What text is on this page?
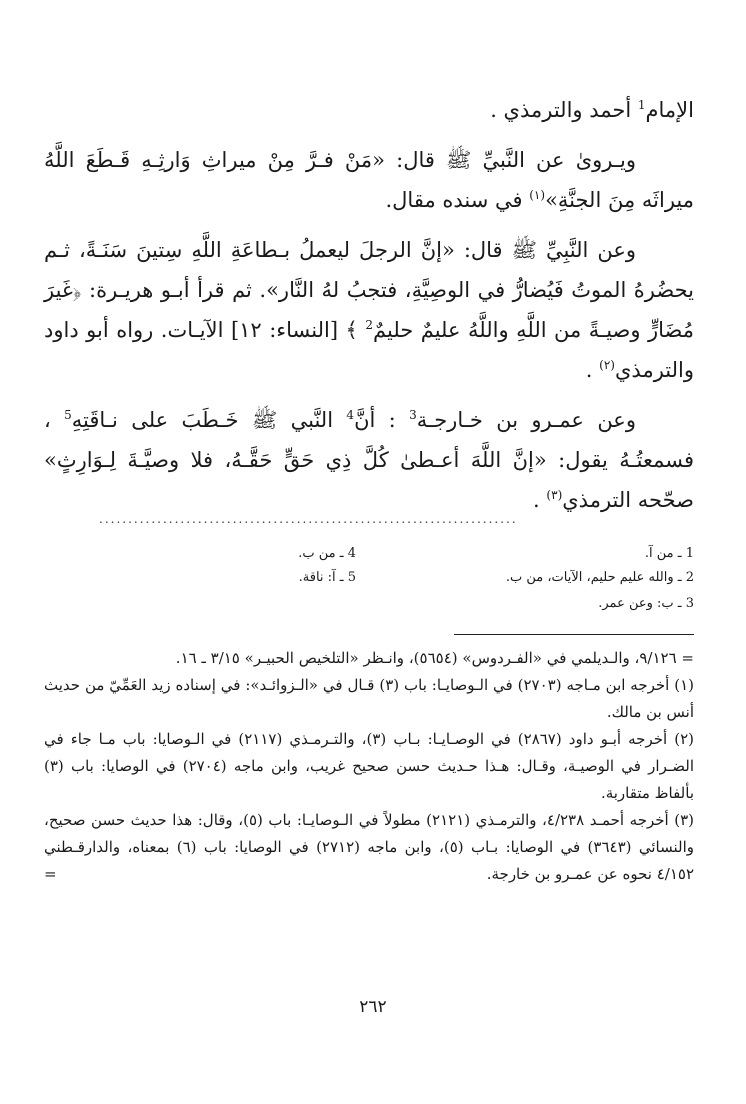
الإمام$^1$ أحمد والترمذي .

ويـروىٰ عن النَّبيِّ ﷺ قال: «مَنْ فـرَّ مِنْ ميراثِ وَارثِـهِ قَـطَعَ اللَّهُ ميراثَه مِنَ الجنَّةِ»$^{(١)}$ في سنده مقال.

وعن النَّبِيِّ ﷺ قال: «إنَّ الرجلَ ليعملُ بـطاعَةِ اللَّهِ سِتينَ سَنَـةً، ثـم يحضُرهُ الموتُ فَيُضارُّ في الوصِيَّةِ، فتجبُ لهُ النَّار». ثم قرأ أبـو هريـرة: ﴿غَيرَ مُضَارٍّ وصيـةً من اللَّهِ واللَّهُ عليمٌ حليمٌ$^2$ ﴾ [النساء: ١٢] الآيـات. رواه أبو داود والترمذي$^{(٢)}$ .

وعن عمـرو بن خـارجـة$^3$ : أنَّ$^4$ النَّبي ﷺ خَـطَبَ على نـاقَتِهِ$^5$ ، فسمعتُـهُ يقول: «إنَّ اللَّهَ أعـطىٰ كُلَّ ذِي حَقٍّ حَقَّـهُ، فلا وصيَّـةَ لِـوَارِثٍ» صحّحه الترمذي$^{(٣)}$ .

........................................................................
1 ـ من آ.
2 ـ والله عليم حليم، الآيات، من ب.
3 ـ ب: وعن عمر.
4 ـ من ب.
5 ـ آ: ناقة.

= ٩/١٢٦، والـديلمي في «الفـردوس» (٥٦٥٤)، وانـظر «التلخيص الحبيـر» ٣/١٥ ـ ١٦.

(١) أخرجه ابن مـاجه (٢٧٠٣) في الـوصايـا: باب (٣) قـال في «الـزوائـد»: في إسناده زيد العَمِّيّ من حديث أنس بن مالك.

(٢) أخرجه أبـو داود (٢٨٦٧) في الوصـايـا: بـاب (٣)، والتـرمـذي (٢١١٧) في الـوصايا: باب مـا جاء في الضـرار في الوصيـة، وقـال: هـذا حـديث حسن صحيح غريب، وابن ماجه (٢٧٠٤) في الوصايا: باب (٣) بألفاظ متقاربة.

(٣) أخرجه أحمـد ٤/٢٣٨، والترمـذي (٢١٢١) مطولاً في الـوصايـا: باب (٥)، وقال: هذا حديث حسن صحيح، والنسائي (٣٦٤٣) في الوصايا: بـاب (٥)، وابن ماجه (٢٧١٢) في الوصايا: باب (٦) بمعناه، والدارقـطني ٤/١٥٢ نحوه عن عمـرو بن خارجة.
=

٢٦٢
